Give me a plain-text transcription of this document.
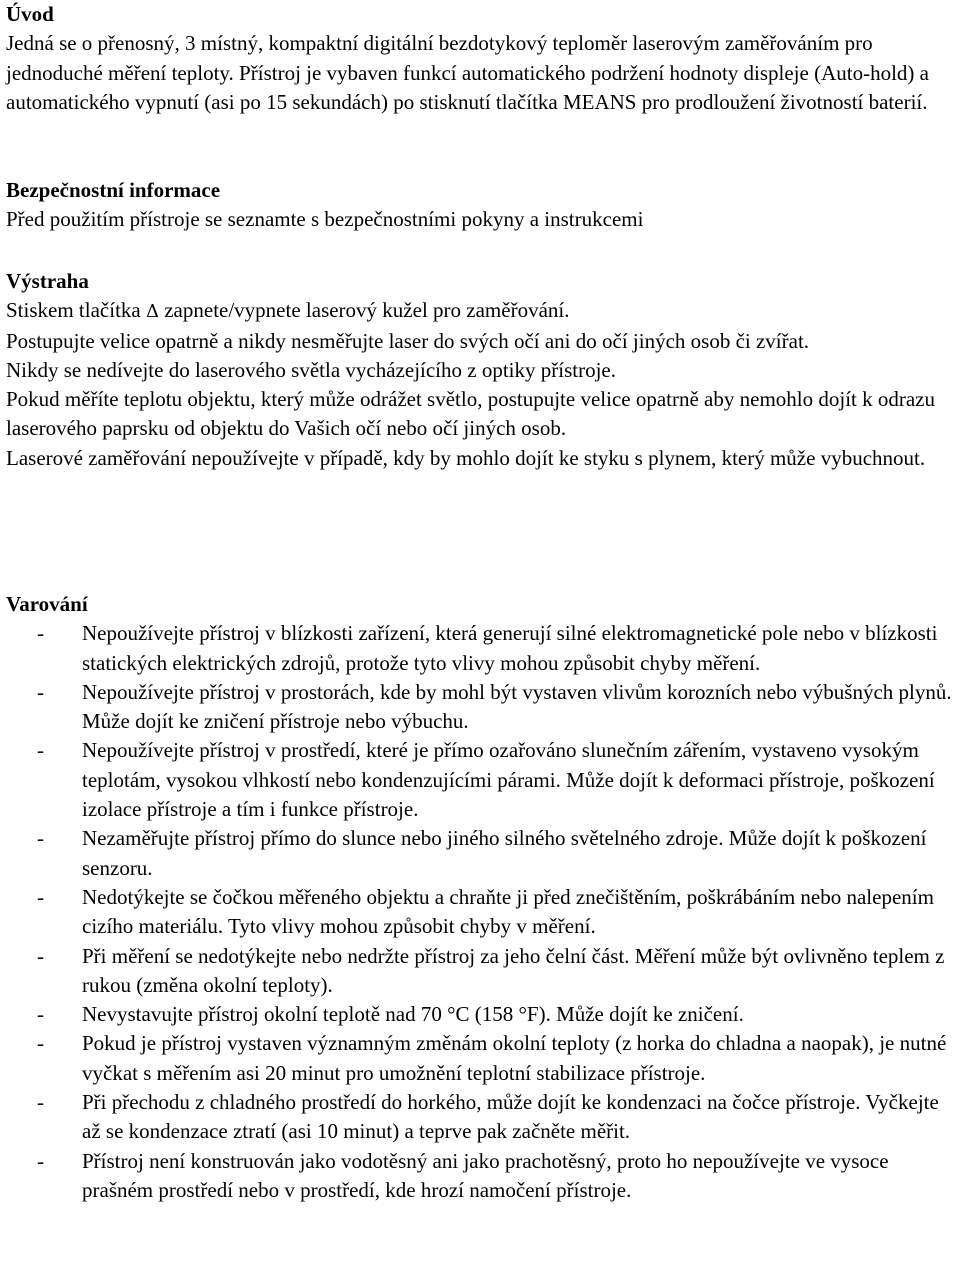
Úvod

Jedná se o přenosný, 3 místný, kompaktní digitální bezdotykový teploměr laserovým zaměřováním pro jednoduché měření teploty. Přístroj je vybaven funkcí automatického podržení hodnoty displeje (Auto-hold) a automatického vypnutí (asi po 15 sekundách) po stisknutí tlačítka MEANS pro prodloužení životností baterií.

Bezpečnostní informace

Před použitím přístroje se seznamte s bezpečnostními pokyny a instrukcemi

Výstraha

Stiskem tlačítka Δ zapnete/vypnete laserový kužel pro zaměřování.

Postupujte velice opatrně a nikdy nesměřujte laser do svých očí ani do očí jiných osob či zvířat.

Nikdy se nedívejte do laserového světla vycházejícího z optiky přístroje.

Pokud měříte teplotu objektu, který může odrážet světlo, postupujte velice opatrně aby nemohlo dojít k odrazu laserového paprsku od objektu do Vašich očí nebo očí jiných osob.

Laserové zaměřování nepoužívejte v případě, kdy by mohlo dojít ke styku s plynem, který může vybuchnout.

Varování
- Nepoužívejte přístroj v blízkosti zařízení, která generují silné elektromagnetické pole nebo v blízkosti statických elektrických zdrojů, protože tyto vlivy mohou způsobit chyby měření.
- Nepoužívejte přístroj v prostorách, kde by mohl být vystaven vlivům korozních nebo výbušných plynů. Může dojít ke zničení přístroje nebo výbuchu.
- Nepoužívejte přístroj v prostředí, které je přímo ozařováno slunečním zářením, vystaveno vysokým teplotám, vysokou vlhkostí nebo kondenzujícími párami. Může dojít k deformaci přístroje, poškození izolace přístroje a tím i funkce přístroje.
- Nezaměřujte přístroj přímo do slunce nebo jiného silného světelného zdroje. Může dojít k poškození senzoru.
- Nedotýkejte se čočkou měřeného objektu a chraňte ji před znečištěním, poškrábáním nebo nalepením cizího materiálu. Tyto vlivy mohou způsobit chyby v měření.
- Při měření se nedotýkejte nebo nedržte přístroj za jeho čelní část. Měření může být ovlivněno teplem z rukou (změna okolní teploty).
- Nevystavujte přístroj okolní teplotě nad 70 °C (158 °F). Může dojít ke zničení.
- Pokud je přístroj vystaven významným změnám okolní teploty (z horka do chladna a naopak), je nutné vyčkat s měřením asi 20 minut pro umožnění teplotní stabilizace přístroje.
- Při přechodu z chladného prostředí do horkého, může dojít ke kondenzaci na čočce přístroje. Vyčkejte až se kondenzace ztratí (asi 10 minut) a teprve pak začněte měřit.
- Přístroj není konstruován jako vodotěsný ani jako prachotěsný, proto ho nepoužívejte ve vysoce prašném prostředí nebo v prostředí, kde hrozí namočení přístroje.
